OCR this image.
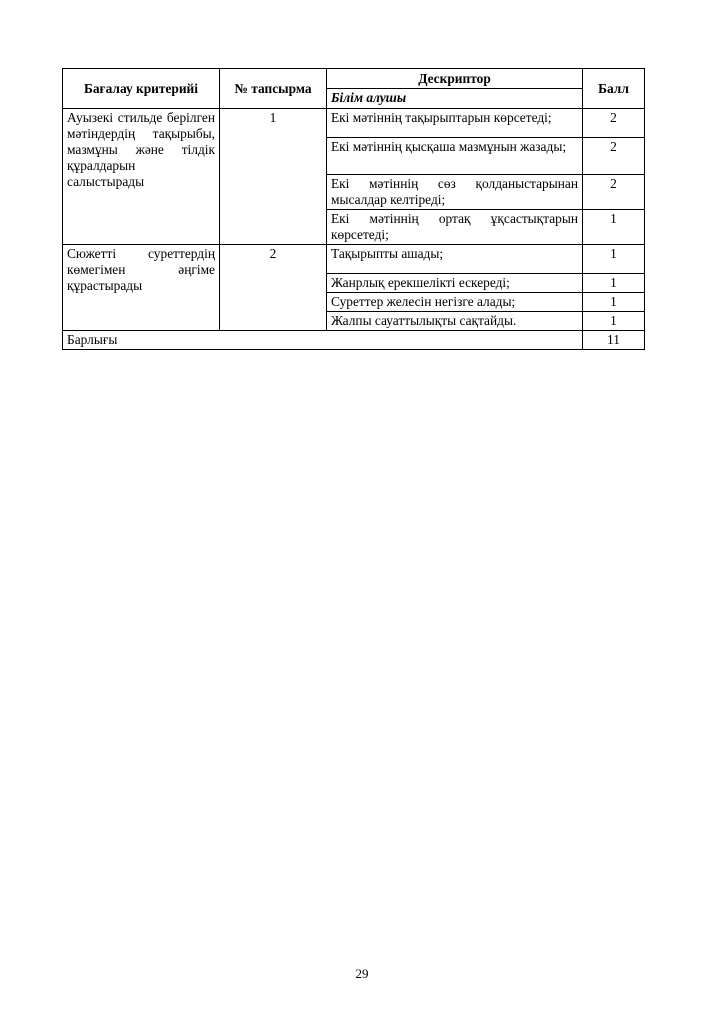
Бағалау критерийі	№ тапсырма	Дескриптор	Балл
		Білім алушы	
Ауызекі стильде берілген мәтіндердің тақырыбы, мазмұны және тілдік құралдарын салыстырады	1	Екі мәтіннің тақырыптарын көрсетеді;	2
		Екі мәтіннің қысқаша мазмұнын жазады;	2
		Екі мәтіннің сөз қолданыстарынан мысалдар келтіреді;	2
		Екі мәтіннің ортақ ұқсастықтарын көрсетеді;	1
Сюжетті суреттердің көмегімен әңгіме құрастырады	2	Тақырыпты ашады;	1
		Жанрлық ерекшелікті ескереді;	1
		Суреттер желесін негізге алады;	1
		Жалпы сауаттылықты сақтайды.	1
Барлығы			11
29
